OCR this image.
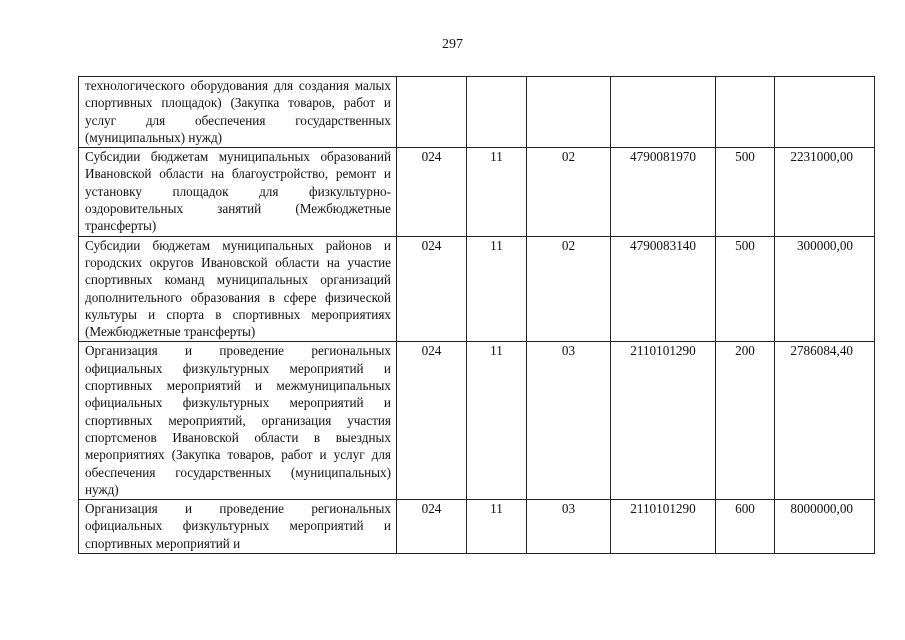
297
технологического оборудования для создания малых спортивных площадок) (Закупка товаров, работ и услуг для обеспечения государственных (муниципальных) нужд)						
Субсидии бюджетам муниципальных образований Ивановской области на благоустройство, ремонт и установку площадок для физкультурно-оздоровительных занятий (Межбюджетные трансферты)	024	11	02	4790081970	500	2231000,00
Субсидии бюджетам муниципальных районов и городских округов Ивановской области на участие спортивных команд муниципальных организаций дополнительного образования в сфере физической культуры и спорта в спортивных мероприятиях (Межбюджетные трансферты)	024	11	02	4790083140	500	300000,00
Организация и проведение региональных официальных физкультурных мероприятий и спортивных мероприятий и межмуниципальных официальных физкультурных мероприятий и спортивных мероприятий, организация участия спортсменов Ивановской области в выездных мероприятиях (Закупка товаров, работ и услуг для обеспечения государственных (муниципальных) нужд)	024	11	03	2110101290	200	2786084,40
Организация и проведение региональных официальных физкультурных мероприятий и спортивных мероприятий и	024	11	03	2110101290	600	8000000,00
